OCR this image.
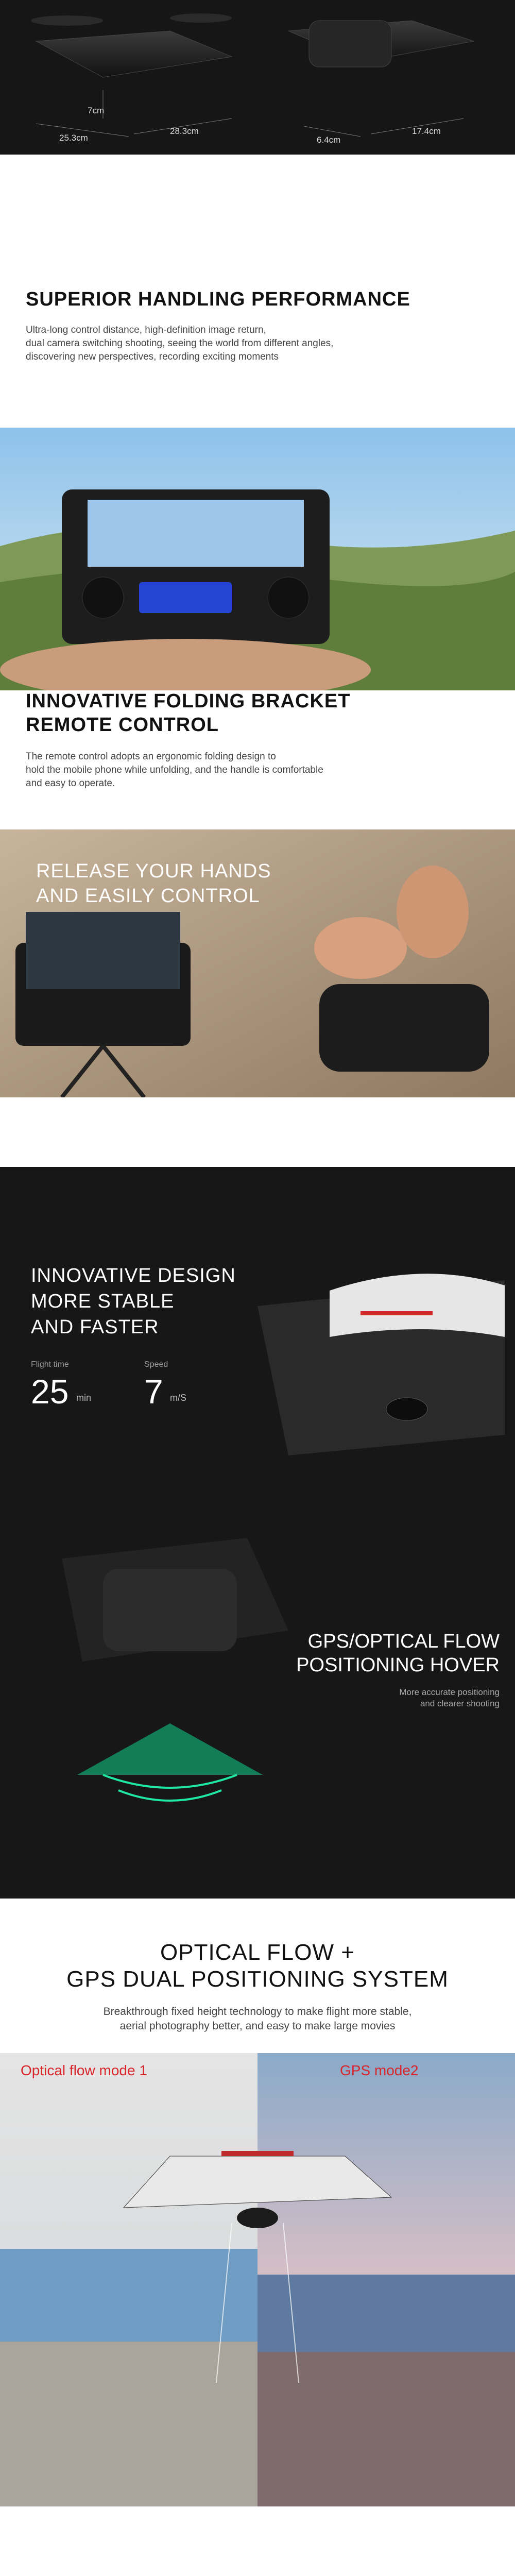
7cm
25.3cm
28.3cm
6.4cm
17.4cm
SUPERIOR HANDLING PERFORMANCE
Ultra-long control distance, high-definition image return,
dual camera switching shooting, seeing the world from different angles,
discovering new perspectives, recording exciting moments
INNOVATIVE FOLDING BRACKET
REMOTE CONTROL
The remote control adopts an ergonomic folding design to
hold the mobile phone while unfolding, and the handle is comfortable
and easy to operate.
RELEASE YOUR HANDS
AND EASILY CONTROL
INNOVATIVE DESIGN
MORE STABLE
AND FASTER
Flight time
25 min
Speed
7 m/S
GPS/OPTICAL FLOW
POSITIONING HOVER
More accurate positioning
and clearer shooting
OPTICAL FLOW +
GPS DUAL POSITIONING SYSTEM
Breakthrough fixed height technology to make flight more stable,
aerial photography better, and easy to make large movies
Optical flow mode 1	GPS mode2
